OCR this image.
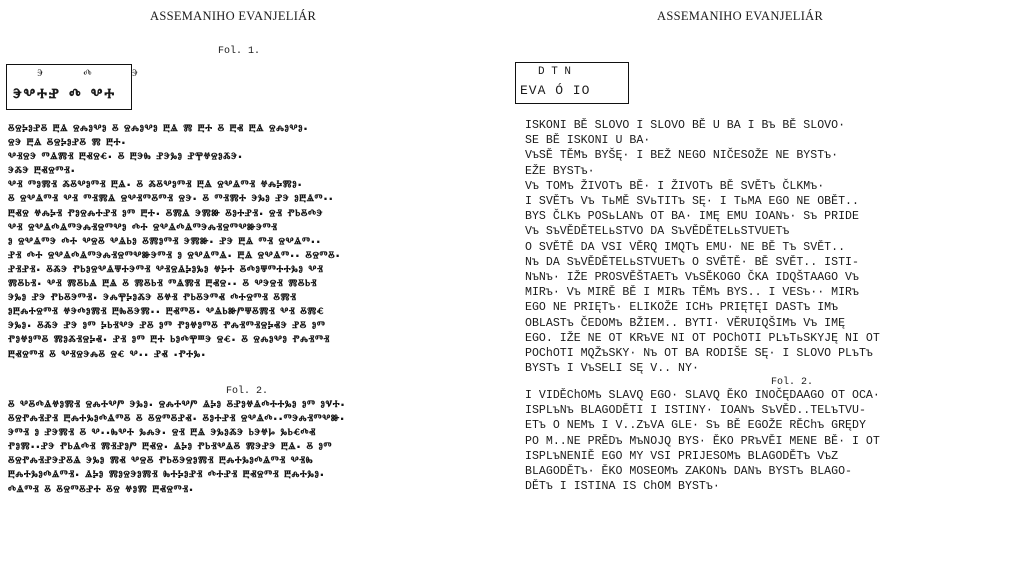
ASSEMANIHO EVANJELIÁR
Fol. 1.
ⰵ ⰴ ⰵ
ⰵⰲⰰⱀ ⰴ ⰲⰰ
ⰻⱄⰽⱁⱀⰻ ⰱⱑ ⱄⰾⱁⰲⱁ ⰻ ⱄⰾⱁⰲⱁ ⰱⱑ ⰿ ⰱⰰ ⰻ ⰱⱏ ⰱⱑ ⱄⰾⱁⰲⱁ·
ⱄⰵ ⰱⱑ ⰻⱄⰽⱁⱀⰻ ⰿ ⰱⰰ·
ⰲⱐⱄⰵ ⱅⱑⰿⱐ ⰱⱏⱄⱔ· ⰻ ⰱⰵⰸ ⱀⰵⰳⱁ ⱀⰹⱍⱄⱁⰶⰵ·
ⰵⰶⰵ ⰱⱏⱄⱅⱐ·
ⰲⱐ ⱅⱁⰿⱐ ⰶⰻⰲⱁⱅⱐ ⰱⱑ· ⰻ ⰶⰻⰲⱁⱅⱐ ⰱⱑ ⱄⰲⱑⱅⱐ ⱍⰾⰽⰿⱁ·
ⰻ ⱄⰲⱑⱅⱐ ⰲⱐ ⱅⱐⰿⱑ ⱄⰲⱐⱅⰻⱅⱐ ⱄⰵ· ⰻ ⱅⱐⰿⰰ ⰵⰳⱁ ⱀⰵ ⱁⰱⱑⱅ··
ⰱⱏⱄ ⱍⰾⰽⱐ ⱂⱁⱄⰾⰰⱀⱐ ⱁⱅ ⰱⰰ· ⰻⰿⱑ ⰵⰿⱆ ⰻⱁⰰⱀⱐ· ⱄⱐ ⱂⱃⰻⰴⰵ
ⰲⱐ ⱄⰲⱑⰴⱑⱅⰵⰾⱐⱄⱅⰲⱁ ⰴⰰ ⱄⰲⱑⰴⱑⱅⰵⰾⱐⱄⱅⰲⱆⰵⱅⱐ
ⱁ ⱄⰲⱑⱅⰵ ⰴⰰ ⰲⱄⰻ ⰲⱑⱃⱁ ⰻⰿⱁⱅⱐ ⰵⰿⱆ· ⱀⰵ ⰱⱑ ⱅⱐ ⱄⰲⱑⱅ··
ⱀⱐ ⰴⰰ ⱄⰲⱑⰴⱑⱅⰵⰾⱐⱄⱅⰲⱆⰵⱅⱐ ⱁ ⱄⰲⱑⱅⱑ· ⰱⱑ ⱄⰲⱑⱅ·· ⰻⱄⱅⰻ·
ⱀⱐⱀⱐ· ⰻⰶⰵ ⱂⱃⱁⱄⰲⱑⱋⰰⰵⱅⱐ ⰲⱐⱄⱑⰽⱁⰳⱁ ⱍⰽⰰ ⰻⰴⱁⱋⱅⰰⰰⰳⱁ ⰲⱐ
ⰿⰻⱃⱐ· ⰲⱐ ⰿⰻⱃⱑ ⰱⱑ ⰻ ⰿⰻⱃⱐ ⱅⱑⰿⱐ ⰱⱏⱄ·· ⰻ ⰲⰵⱄⱐ ⰿⰻⱃⱐ
ⰵⰳⱁ ⱀⰵ ⱂⱃⰻⰵⱅⱐ· ⰵⰾⰹⰽⱁⰶⰵ ⰻⱍⱐ ⱂⱃⰻⰵⱅⱏ ⰴⰰⱄⱅⱐ ⰻⰿⱐ
ⱁⰱⰾⰰⱄⱅⱐ ⱍⰵⰴⱁⰿⱐ ⰱⰸⰻⰵⰿ·· ⰱⱏⱅⰻ· ⰲⱑⱃⱆⱓⱋⰻⰿⱐ ⰲⱐ ⰻⰿⱔ
ⰵⰳⱁ· ⰻⰶⰵ ⱀⰵ ⱁⱅ ⰽⱃⱐⰲⰵ ⱀⰻ ⱁⱅ ⱂⱁⱍⱁⱅⰻ ⱂⰾⱐⱅⱐⱄⰽⱏⰵ ⱀⰻ ⱁⱅ
ⱂⱁⱍⱁⱅⰻ ⰿⱁⰶⱐⱄⰽⱏ· ⱀⱐ ⱁⱅ ⰱⰰ ⱃⱁⰴⰹⱎⰵ ⱄⱔ· ⰻ ⱄⰾⱁⰲⱁ ⱂⰾⱐⱅⱐ
ⰱⱏⱄⱅⱐ ⰻ ⰲⱐⱄⰵⰾⰻ ⱄⱔ ⰲ·· ⱀⱏ ·ⱂⰰⰳ·
Fol. 2.
ⰻ ⰲⰻⰴⱑⱍⱁⰿⱐ ⱄⰾⰰⰲⱓ ⰵⰳⱁ· ⱄⰾⰰⰲⱓ ⱑⰽⱁ ⰻⱀⱁⱍⱑⰴⰰⰰⰳⱁ ⱁⱅ ⱁⱌⰰ·
ⰻⱄⱂⰾⱐⱀⱐ ⰱⰾⰰⰳⱁⰴⱑⱅⰻ ⰻ ⰻⱄⱅⰻⱀⱏ· ⰻⱁⰰⱀⱐ ⱄⰲⱑⰴ··ⱅⰵⰾⱐⱅⰲⱆ·
ⰵⱅⱐ ⱁ ⱀⰵⰿⱐ ⰻ ⰲ··ⰸⰲⰰ ⰳⰾⰵ· ⱄⱐ ⰱⱑ ⰵⰳⱁⰶⰵ ⱃⰵⱍⱈ ⰳⱃⱔⰴⱏ
ⱂⱁⰿ··ⱀⰵ ⱂⱃⱑⰴⱐ ⰿⱐⱀⱁⱓ ⰱⱏⱄ· ⱑⰽⱁ ⱂⱃⱐⰲⱑⰻ ⰿⰵⱀⰵ ⰱⱑ· ⰻ ⱁⱅ
ⰻⱄⱂⰾⱐⱀⰵⱀⰻⱑ ⰵⰳⱁ ⰿⱏ ⰲⱄⰻ ⱂⱃⰻⰵⱄⱁⰿⱐ ⰱⰾⰰⰳⱁⰴⱑⱅⱐ ⰲⱐⰸ
ⰱⰾⰰⰳⱁⰴⱑⱅⱐ· ⱑⰽⱁ ⰿⱁⱄⰵⱁⰿⱐ ⰸⰰⰽⱁⱀⱐ ⰴⰰⱀⱐ ⰱⱏⱄⱅⱐ ⰱⰾⰰⰳⱁ·
ⰴⱑⱅⱐ ⰻ ⰻⱄⱅⰻⱀⰰ ⰻⱄ ⱍⱁⰿ ⰱⱏⱄⱅⱐ·
ASSEMANIHO EVANJELIÁR
D T N
EVA Ó IO
ISKONI BĚ SLOVO I SLOVO BĚ U BA I Bъ BĚ SLOVO·
SE BĚ ISKONI U BA·
VъSĚ TĚMъ BYŠĘ· I BEŽ NEGO NIČESOŽE NE BYSTъ·
EŽE BYSTъ·
Vъ TOMъ ŽIVOTъ BĚ· I ŽIVOTъ BĚ SVĚTъ ČLKMъ·
I SVĚTъ Vъ TьMĚ SVьTITъ SĘ· I TьMA EGO NE OBĚT..
BYS ČLKъ POSьLANъ OT BA· IMĘ EMU IOANъ· Sъ PRIDE
Vъ SъVĚDĚTELьSTVO DA SъVĚDĚTELьSTVUETъ
O SVĚTĚ DA VSI VĚRQ IMQTъ EMU· NE BĚ Tъ SVĚT..
Nъ DA SъVĚDĚTELьSTVUETъ O SVĚTĚ· BĚ SVĚT.. ISTI-
NъNъ· IŽE PROSVĚŠTAETъ VъSĚKOGO ČKA IDQŠTAAGO Vъ
MIRъ· Vъ MIRĚ BĚ I MIRъ TĚMъ BYS.. I VESъ·· MIRъ
EGO NE PRIĘTъ· ELIKOŽE ICHъ PRIĘTĘI DASTъ IMъ
OBLASTъ ČEDOMъ BŽIEM.. BYTI· VĚRUIQŠIMъ Vъ IMĘ
EGO. IŽE NE OT KRъVE NI OT POChOTI PLъTьSKYJĘ NI OT
POChOTI MQŽъSKY· Nъ OT BA RODIŠE SĘ· I SLOVO PLъTъ
BYSTъ I VъSELI SĘ V.. NY·
Fol. 2.
I VIDĚChOMъ SLAVQ EGO· SLAVQ ĚKO INOČĘDAAGO OT OCA·
ISPLъNъ BLAGODĚTI I ISTINY· IOANъ SъVĚD..TELъTVU-
ETъ O NEMъ I V..ZъVA GLE· Sъ BĚ EGOŽE RĚChъ GRĘDY
PO M..NE PRĚDъ MъNOJQ BYS· ĚKO PRъVĚI MENE BĚ· I OT
ISPLъNENIĚ EGO MY VSI PRIJESOMъ BLAGODĚTъ VъZ
BLAGODĚTъ· ĚKO MOSEOMъ ZAKONъ DANъ BYSTъ BLAGO-
DĚTъ I ISTINA IS ChOM BYSTъ·
